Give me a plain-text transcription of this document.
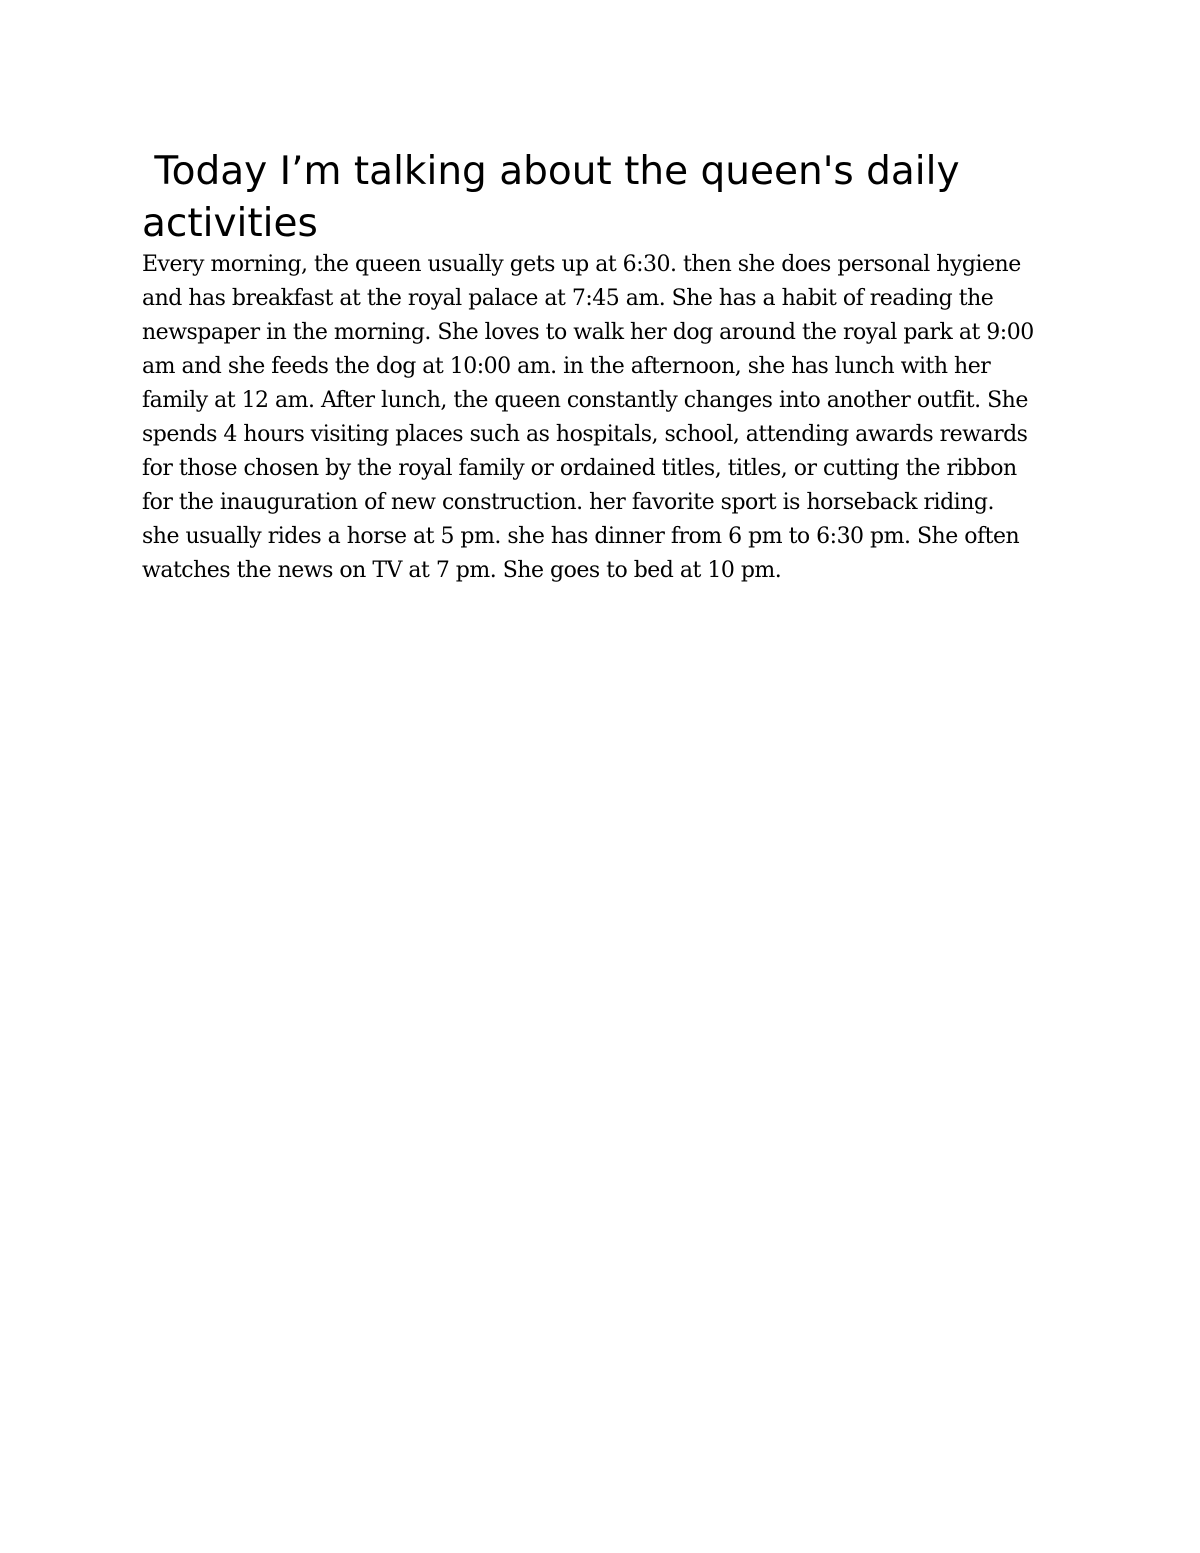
Today I’m talking about the queen's daily activities
Every morning, the queen usually gets up at 6:30. then she does personal hygiene
and has breakfast at the royal palace at 7:45 am. She has a habit of reading the
newspaper in the morning. She loves to walk her dog around the royal park at 9:00
am and she feeds the dog at 10:00 am. in the afternoon, she has lunch with her
family at 12 am. After lunch, the queen constantly changes into another outfit. She
spends 4 hours visiting places such as hospitals, school, attending awards rewards
for those chosen by the royal family or ordained titles, titles, or cutting the ribbon
for the inauguration of new construction. her favorite sport is horseback riding.
she usually rides a horse at 5 pm. she has dinner from 6 pm to 6:30 pm. She often
watches the news on TV at 7 pm. She goes to bed at 10 pm.
